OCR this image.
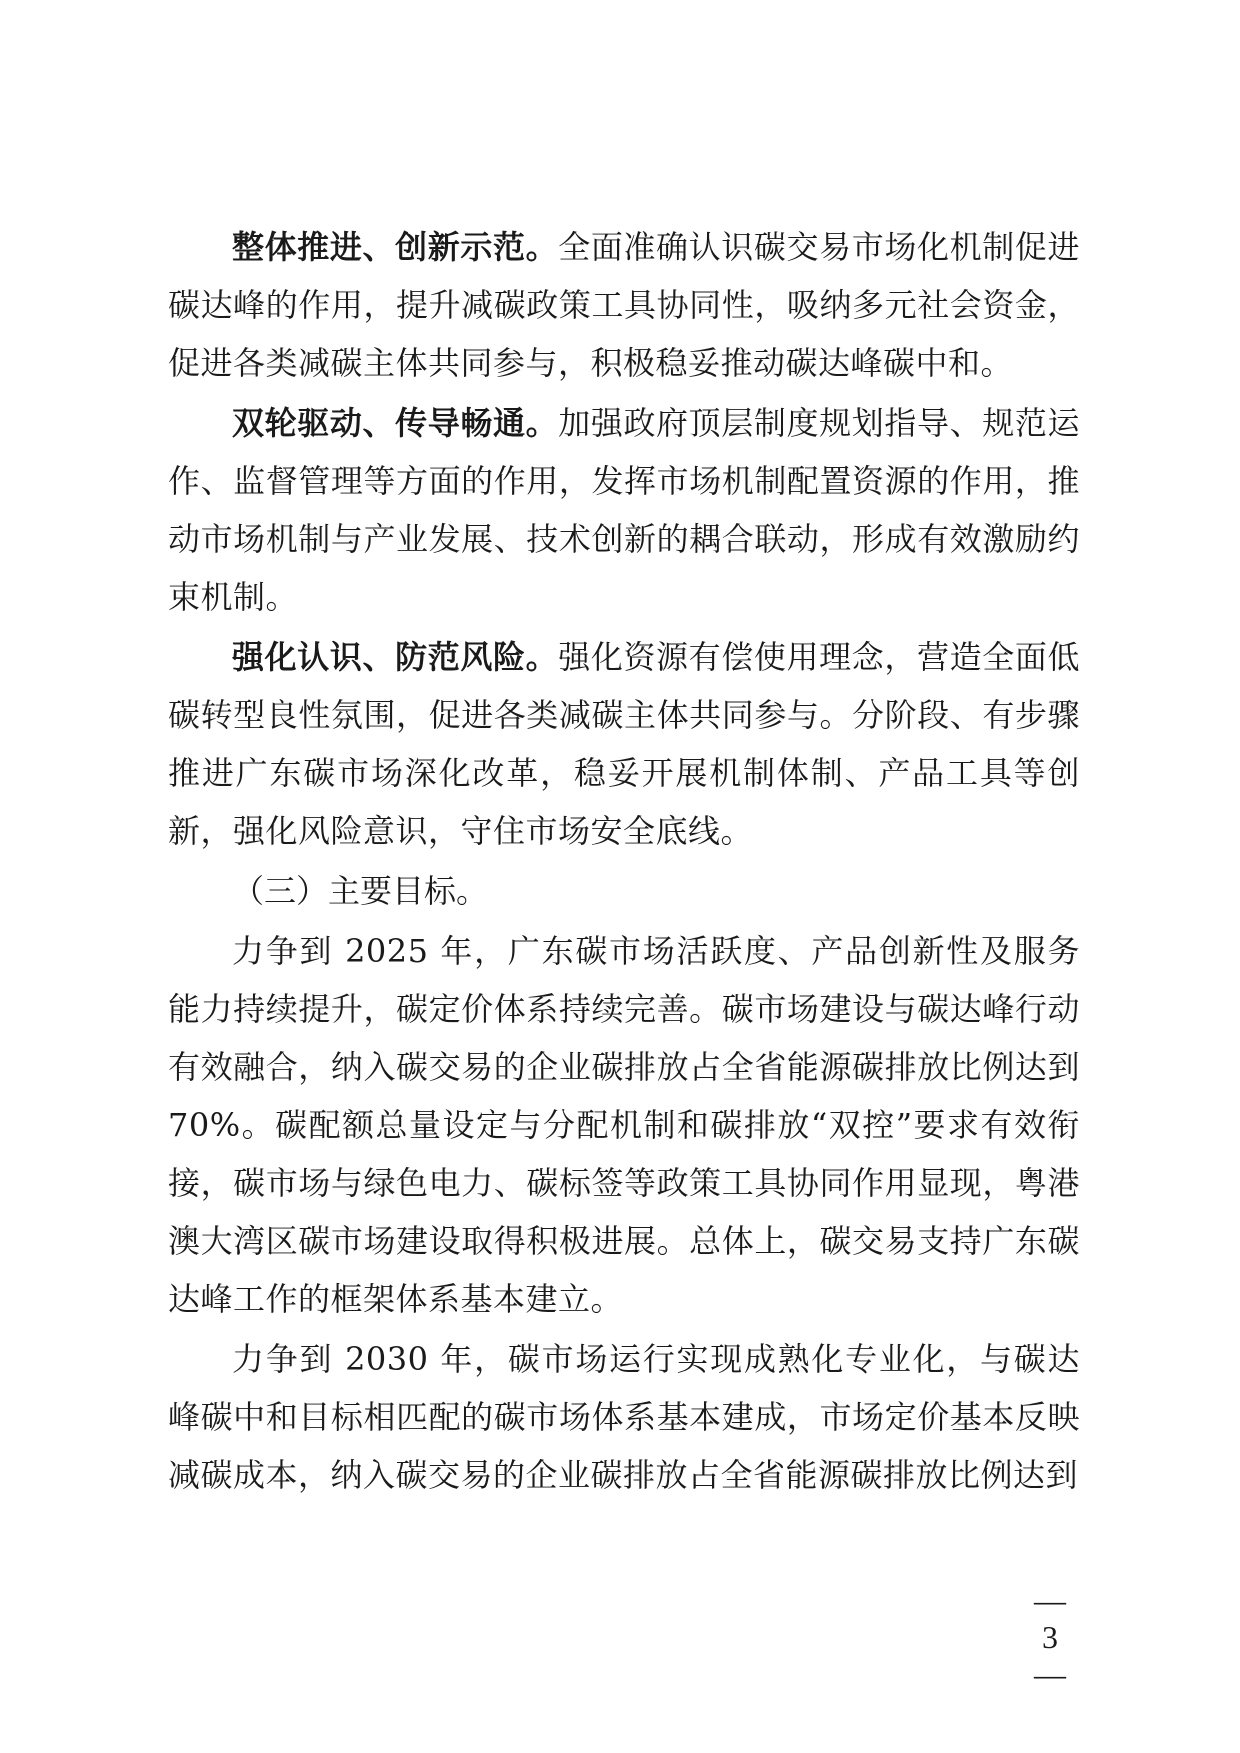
整体推进、创新示范。全面准确认识碳交易市场化机制促进碳达峰的作用，提升减碳政策工具协同性，吸纳多元社会资金，促进各类减碳主体共同参与，积极稳妥推动碳达峰碳中和。

双轮驱动、传导畅通。加强政府顶层制度规划指导、规范运作、监督管理等方面的作用，发挥市场机制配置资源的作用，推动市场机制与产业发展、技术创新的耦合联动，形成有效激励约束机制。

强化认识、防范风险。强化资源有偿使用理念，营造全面低碳转型良性氛围，促进各类减碳主体共同参与。分阶段、有步骤推进广东碳市场深化改革，稳妥开展机制体制、产品工具等创新，强化风险意识，守住市场安全底线。

（三）主要目标。

力争到 2025 年，广东碳市场活跃度、产品创新性及服务能力持续提升，碳定价体系持续完善。碳市场建设与碳达峰行动有效融合，纳入碳交易的企业碳排放占全省能源碳排放比例达到 70%。碳配额总量设定与分配机制和碳排放“双控”要求有效衔接，碳市场与绿色电力、碳标签等政策工具协同作用显现，粤港澳大湾区碳市场建设取得积极进展。总体上，碳交易支持广东碳达峰工作的框架体系基本建立。

力争到 2030 年，碳市场运行实现成熟化专业化，与碳达峰碳中和目标相匹配的碳市场体系基本建成，市场定价基本反映减碳成本，纳入碳交易的企业碳排放占全省能源碳排放比例达到

— 3 —
